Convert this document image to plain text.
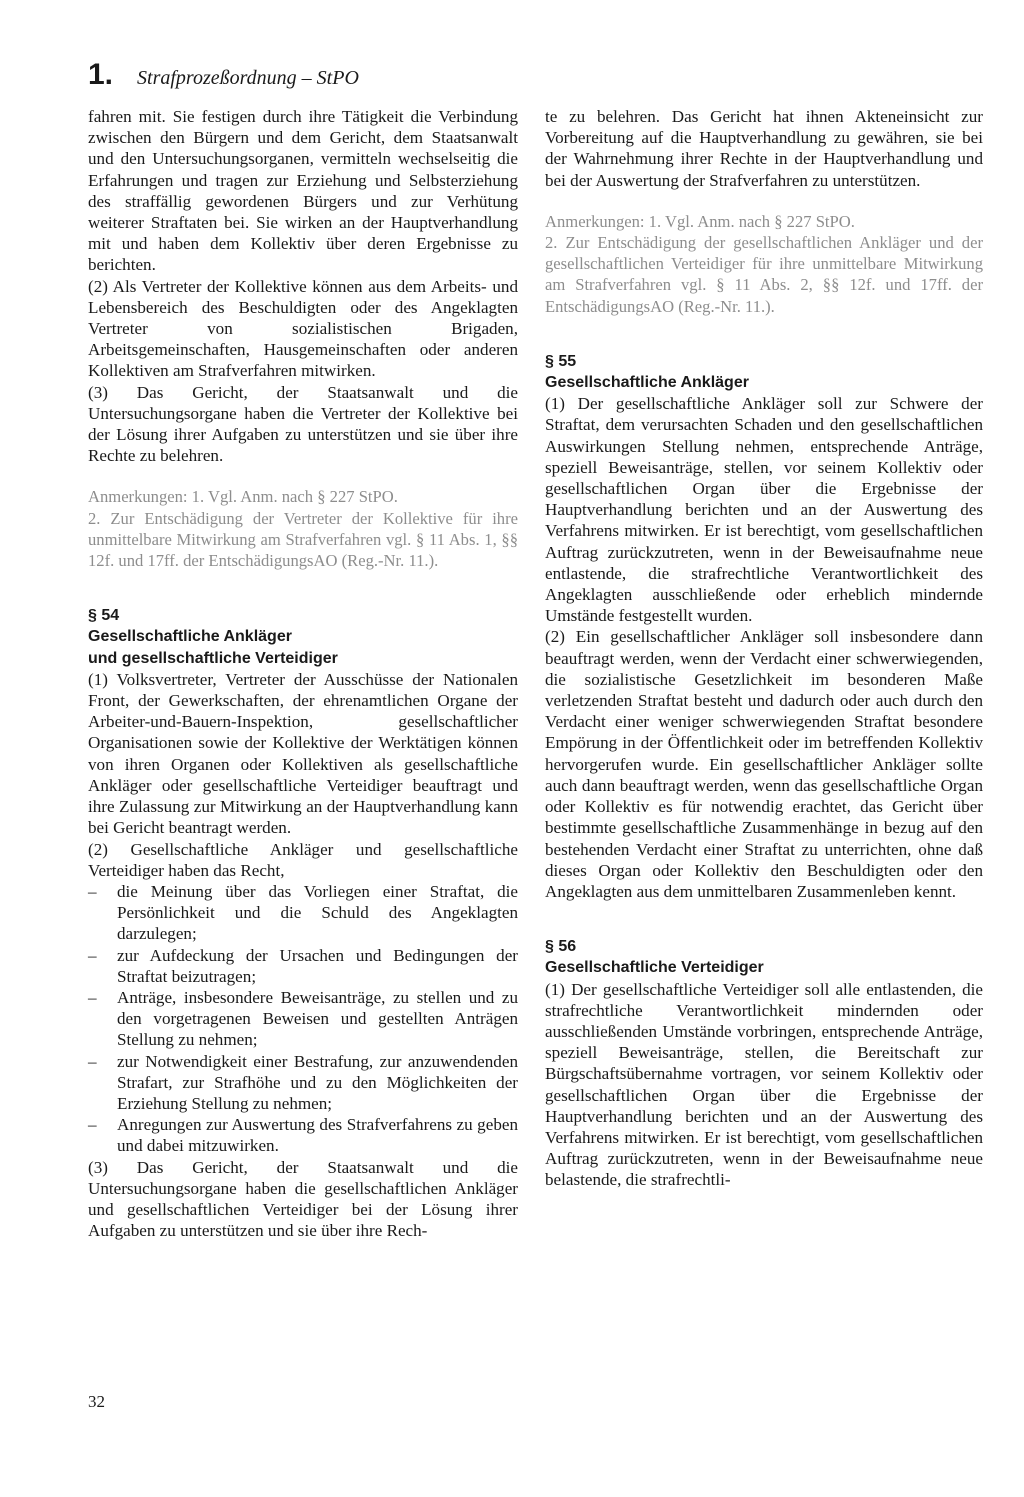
1. Strafprozeßordnung – StPO

fahren mit. Sie festigen durch ihre Tätigkeit die Verbindung zwischen den Bürgern und dem Gericht, dem Staatsanwalt und den Untersuchungsorganen, vermitteln wechselseitig die Erfahrungen und tragen zur Erziehung und Selbsterziehung des straffällig gewordenen Bürgers und zur Verhütung weiterer Straftaten bei. Sie wirken an der Hauptverhandlung mit und haben dem Kollektiv über deren Ergebnisse zu berichten.

(2) Als Vertreter der Kollektive können aus dem Arbeits- und Lebensbereich des Beschuldigten oder des Angeklagten Vertreter von sozialistischen Brigaden, Arbeitsgemeinschaften, Hausgemeinschaften oder anderen Kollektiven am Strafverfahren mitwirken.

(3) Das Gericht, der Staatsanwalt und die Untersuchungsorgane haben die Vertreter der Kollektive bei der Lösung ihrer Aufgaben zu unterstützen und sie über ihre Rechte zu belehren.

Anmerkungen: 1. Vgl. Anm. nach § 227 StPO.

2. Zur Entschädigung der Vertreter der Kollektive für ihre unmittelbare Mitwirkung am Strafverfahren vgl. § 11 Abs. 1, §§ 12f. und 17ff. der EntschädigungsAO (Reg.-Nr. 11.).

§ 54
Gesellschaftliche Ankläger
und gesellschaftliche Verteidiger

(1) Volksvertreter, Vertreter der Ausschüsse der Nationalen Front, der Gewerkschaften, der ehrenamtlichen Organe der Arbeiter-und-Bauern-Inspektion, gesellschaftlicher Organisationen sowie der Kollektive der Werktätigen können von ihren Organen oder Kollektiven als gesellschaftliche Ankläger oder gesellschaftliche Verteidiger beauftragt und ihre Zulassung zur Mitwirkung an der Hauptverhandlung kann bei Gericht beantragt werden.

(2) Gesellschaftliche Ankläger und gesellschaftliche Verteidiger haben das Recht,

– die Meinung über das Vorliegen einer Straftat, die Persönlichkeit und die Schuld des Angeklagten darzulegen;
– zur Aufdeckung der Ursachen und Bedingungen der Straftat beizutragen;
– Anträge, insbesondere Beweisanträge, zu stellen und zu den vorgetragenen Beweisen und gestellten Anträgen Stellung zu nehmen;
– zur Notwendigkeit einer Bestrafung, zur anzuwendenden Strafart, zur Strafhöhe und zu den Möglichkeiten der Erziehung Stellung zu nehmen;
– Anregungen zur Auswertung des Strafverfahrens zu geben und dabei mitzuwirken.

(3) Das Gericht, der Staatsanwalt und die Untersuchungsorgane haben die gesellschaftlichen Ankläger und gesellschaftlichen Verteidiger bei der Lösung ihrer Aufgaben zu unterstützen und sie über ihre Rech-

te zu belehren. Das Gericht hat ihnen Akteneinsicht zur Vorbereitung auf die Hauptverhandlung zu gewähren, sie bei der Wahrnehmung ihrer Rechte in der Hauptverhandlung und bei der Auswertung der Strafverfahren zu unterstützen.

Anmerkungen: 1. Vgl. Anm. nach § 227 StPO.

2. Zur Entschädigung der gesellschaftlichen Ankläger und der gesellschaftlichen Verteidiger für ihre unmittelbare Mitwirkung am Strafverfahren vgl. § 11 Abs. 2, §§ 12f. und 17ff. der EntschädigungsAO (Reg.-Nr. 11.).

§ 55
Gesellschaftliche Ankläger

(1) Der gesellschaftliche Ankläger soll zur Schwere der Straftat, dem verursachten Schaden und den gesellschaftlichen Auswirkungen Stellung nehmen, entsprechende Anträge, speziell Beweisanträge, stellen, vor seinem Kollektiv oder gesellschaftlichen Organ über die Ergebnisse der Hauptverhandlung berichten und an der Auswertung des Verfahrens mitwirken. Er ist berechtigt, vom gesellschaftlichen Auftrag zurückzutreten, wenn in der Beweisaufnahme neue entlastende, die strafrechtliche Verantwortlichkeit des Angeklagten ausschließende oder erheblich mindernde Umstände festgestellt wurden.

(2) Ein gesellschaftlicher Ankläger soll insbesondere dann beauftragt werden, wenn der Verdacht einer schwerwiegenden, die sozialistische Gesetzlichkeit im besonderen Maße verletzenden Straftat besteht und dadurch oder auch durch den Verdacht einer weniger schwerwiegenden Straftat besondere Empörung in der Öffentlichkeit oder im betreffenden Kollektiv hervorgerufen wurde. Ein gesellschaftlicher Ankläger sollte auch dann beauftragt werden, wenn das gesellschaftliche Organ oder Kollektiv es für notwendig erachtet, das Gericht über bestimmte gesellschaftliche Zusammenhänge in bezug auf den bestehenden Verdacht einer Straftat zu unterrichten, ohne daß dieses Organ oder Kollektiv den Beschuldigten oder den Angeklagten aus dem unmittelbaren Zusammenleben kennt.

§ 56
Gesellschaftliche Verteidiger

(1) Der gesellschaftliche Verteidiger soll alle entlastenden, die strafrechtliche Verantwortlichkeit mindernden oder ausschließenden Umstände vorbringen, entsprechende Anträge, speziell Beweisanträge, stellen, die Bereitschaft zur Bürgschaftsübernahme vortragen, vor seinem Kollektiv oder gesellschaftlichen Organ über die Ergebnisse der Hauptverhandlung berichten und an der Auswertung des Verfahrens mitwirken. Er ist berechtigt, vom gesellschaftlichen Auftrag zurückzutreten, wenn in der Beweisaufnahme neue belastende, die strafrechtli-

32
